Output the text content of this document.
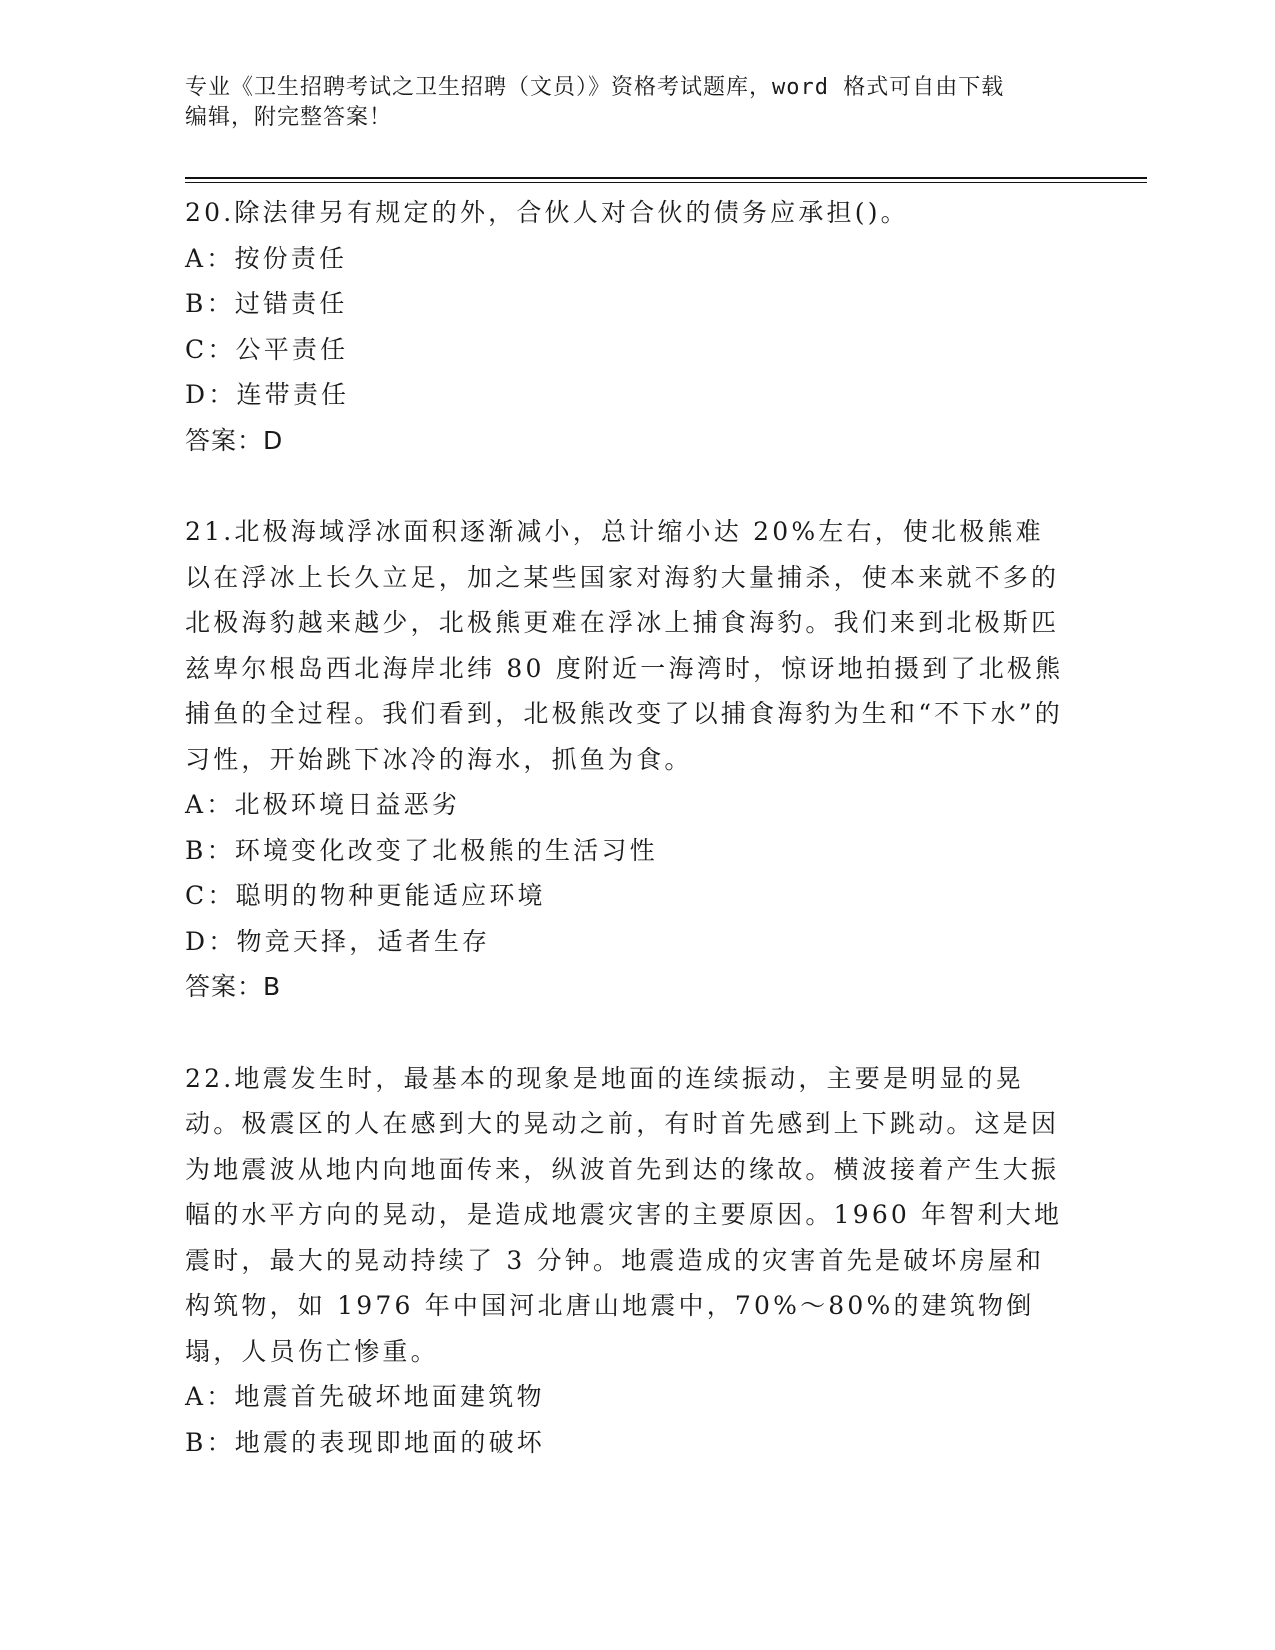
专业《卫生招聘考试之卫生招聘（文员）》资格考试题库，word 格式可自由下载
编辑，附完整答案！

20.除法律另有规定的外，合伙人对合伙的债务应承担()。

A：按份责任

B：过错责任

C：公平责任

D：连带责任

答案：D

21.北极海域浮冰面积逐渐减小，总计缩小达 20%左右，使北极熊难以在浮冰上长久立足，加之某些国家对海豹大量捕杀，使本来就不多的北极海豹越来越少，北极熊更难在浮冰上捕食海豹。我们来到北极斯匹兹卑尔根岛西北海岸北纬 80 度附近一海湾时，惊讶地拍摄到了北极熊捕鱼的全过程。我们看到，北极熊改变了以捕食海豹为生和“不下水”的习性，开始跳下冰冷的海水，抓鱼为食。

A：北极环境日益恶劣

B：环境变化改变了北极熊的生活习性

C：聪明的物种更能适应环境

D：物竞天择，适者生存

答案：B

22.地震发生时，最基本的现象是地面的连续振动，主要是明显的晃动。极震区的人在感到大的晃动之前，有时首先感到上下跳动。这是因为地震波从地内向地面传来，纵波首先到达的缘故。横波接着产生大振幅的水平方向的晃动，是造成地震灾害的主要原因。1960 年智利大地震时，最大的晃动持续了 3 分钟。地震造成的灾害首先是破坏房屋和构筑物，如 1976 年中国河北唐山地震中，70%～80%的建筑物倒塌，人员伤亡惨重。

A：地震首先破坏地面建筑物

B：地震的表现即地面的破坏
